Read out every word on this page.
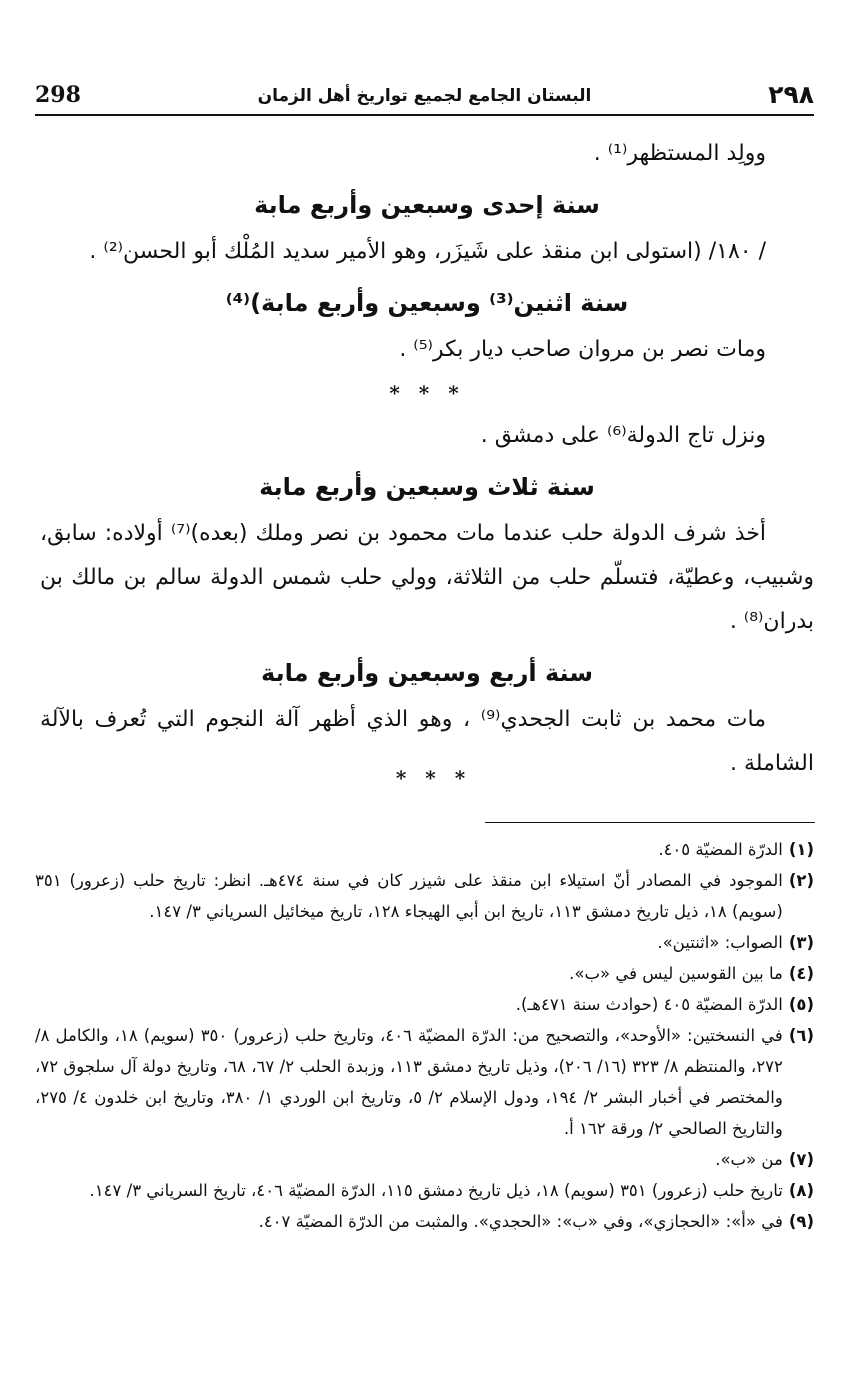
298	البستان الجامع لجميع تواريخ أهل الزمان	٢٩٨

وولِد المستظهر⁽¹⁾ .

سنة إحدى وسبعين وأربع مابة

/ ١٨٠/ (استولى ابن منقذ على شَيزَر، وهو الأمير سديد المُلْك أبو الحسن⁽²⁾ .

سنة اثنين⁽³⁾ وسبعين وأربع مابة)⁽⁴⁾

ومات نصر بن مروان صاحب ديار بكر⁽⁵⁾ .

* * *

ونزل تاج الدولة⁽⁶⁾ على دمشق .

سنة ثلاث وسبعين وأربع مابة

أخذ شرف الدولة حلب عندما مات محمود بن نصر وملك (بعده)⁽⁷⁾ أولاده: سابق، وشبيب، وعطيّة، فتسلّم حلب من الثلاثة، وولي حلب شمس الدولة سالم بن مالك بن بدران⁽⁸⁾ .

سنة أربع وسبعين وأربع مابة

مات محمد بن ثابت الجحدي⁽⁹⁾ ، وهو الذي أظهر آلة النجوم التي تُعرف بالآلة الشاملة .

* * *

(١)
الدرّة المضيّة ٤٠٥.

(٢)
الموجود في المصادر أنّ استيلاء ابن منقذ على شيزر كان في سنة ٤٧٤هـ. انظر: تاريخ حلب (زعرور) ٣٥١ (سويم) ١٨، ذيل تاريخ دمشق ١١٣، تاريخ ابن أبي الهيجاء ١٢٨، تاريخ ميخائيل السرياني ٣/ ١٤٧.

(٣)
الصواب: «اثنتين».

(٤)
ما بين القوسين ليس في «ب».

(٥)
الدرّة المضيّة ٤٠٥ (حوادث سنة ٤٧١هـ).

(٦)
في النسختين: «الأوحد»، والتصحيح من: الدرّة المضيّة ٤٠٦، وتاريخ حلب (زعرور) ٣٥٠ (سويم) ١٨، والكامل ٨/ ٢٧٢، والمنتظم ٨/ ٣٢٣ (١٦/ ٢٠٦)، وذيل تاريخ دمشق ١١٣، وزبدة الحلب ٢/ ٦٧، ٦٨، وتاريخ دولة آل سلجوق ٧٢، والمختصر في أخبار البشر ٢/ ١٩٤، ودول الإسلام ٢/ ٥، وتاريخ ابن الوردي ١/ ٣٨٠، وتاريخ ابن خلدون ٤/ ٢٧٥، والتاريخ الصالحي ٢/ ورقة ١٦٢ أ.

(٧)
من «ب».

(٨)
تاريخ حلب (زعرور) ٣٥١ (سويم) ١٨، ذيل تاريخ دمشق ١١٥، الدرّة المضيّة ٤٠٦، تاريخ السرياني ٣/ ١٤٧.

(٩)
في «أ»: «الحجازي»، وفي «ب»: «الحجدي». والمثبت من الدرّة المضيّة ٤٠٧.
